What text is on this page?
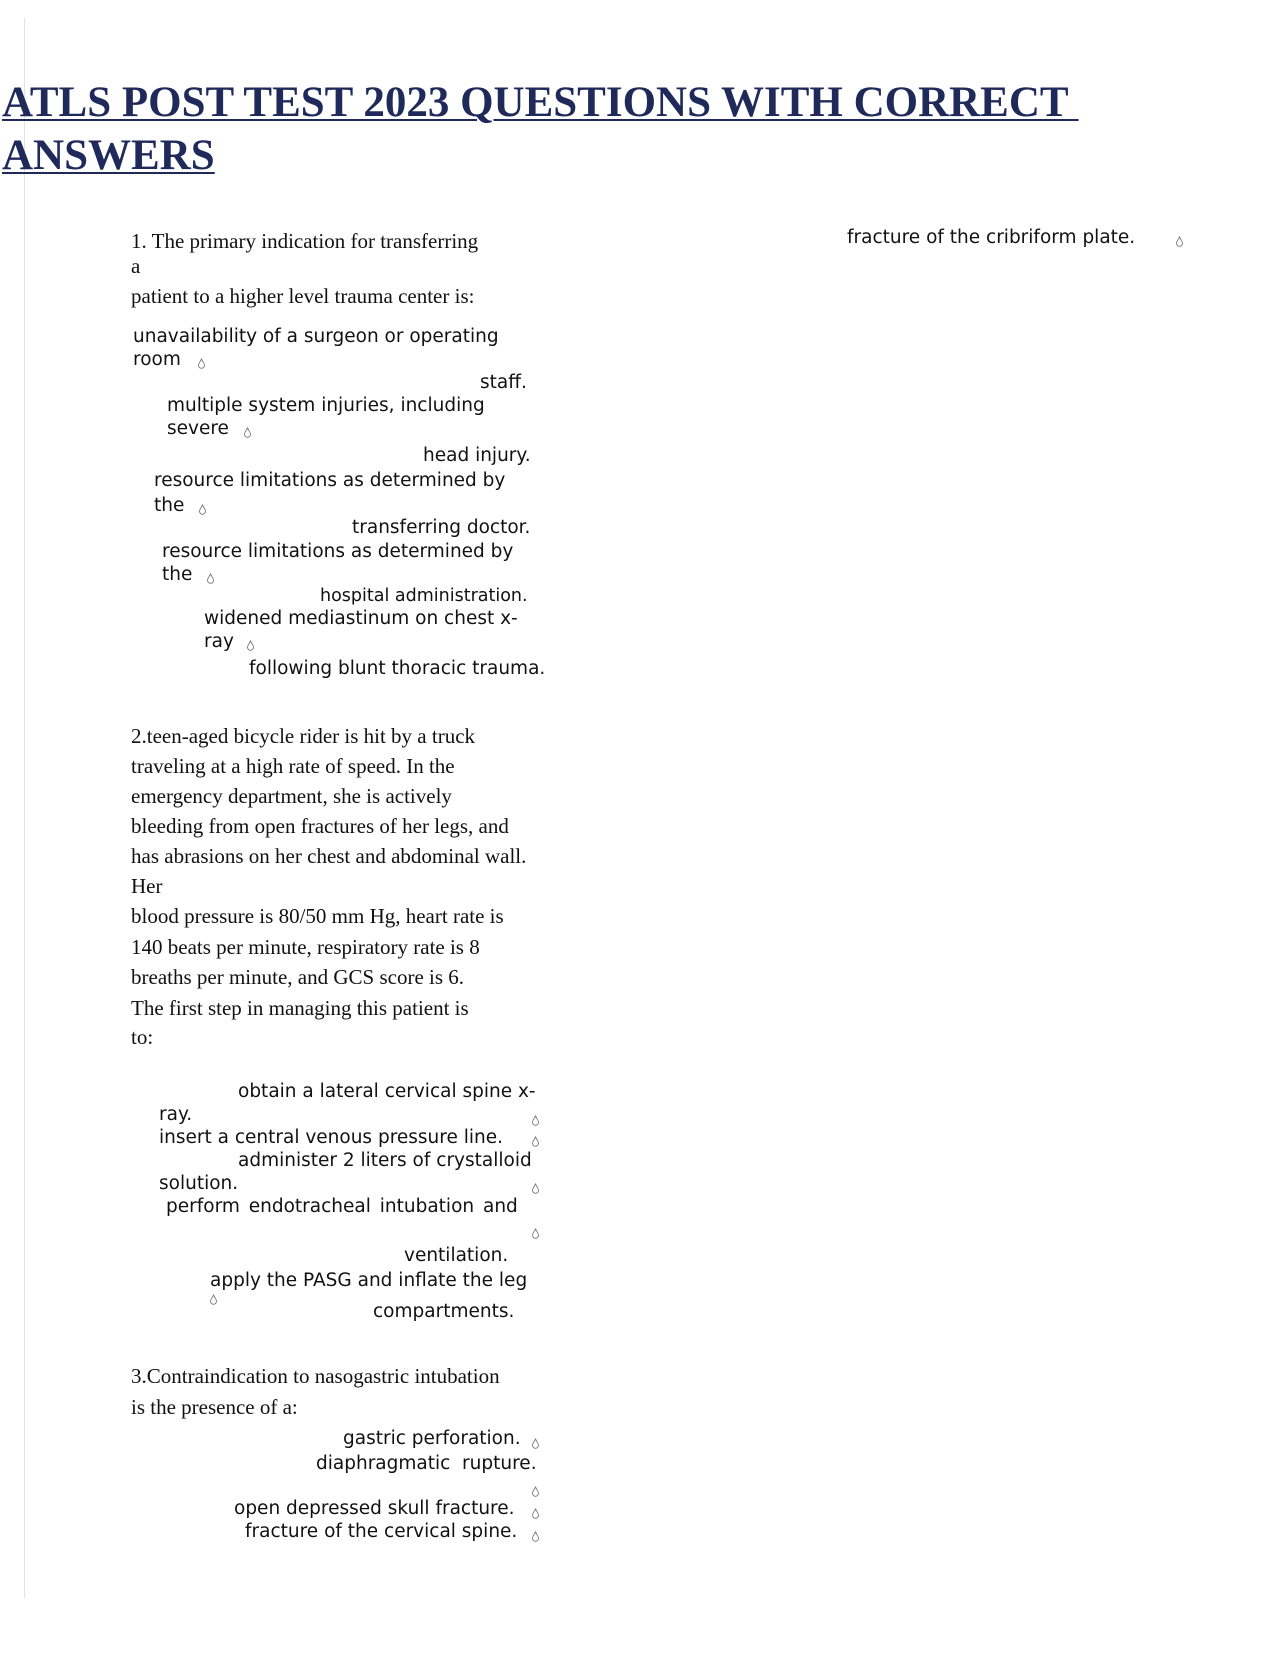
ATLS POST TEST 2023 QUESTIONS WITH CORRECT
ANSWERS
fracture of the cribriform plate.
1. The primary indication for transferring
a
patient to a higher level trauma center is:
unavailability of a surgeon or operating
room
staff.
multiple system injuries, including
severe
head injury.
resource limitations as determined by
the
transferring doctor.
resource limitations as determined by
the
hospital administration.
widened mediastinum on chest x-
ray
following blunt thoracic trauma.
2.teen-aged bicycle rider is hit by a truck
traveling at a high rate of speed. In the
emergency department, she is actively
bleeding from open fractures of her legs, and
has abrasions on her chest and abdominal wall.
Her
blood pressure is 80/50 mm Hg, heart rate is
140 beats per minute, respiratory rate is 8
breaths per minute, and GCS score is 6.
The first step in managing this patient is
to:
obtain a lateral cervical spine x-
ray.
insert a central venous pressure line.
administer 2 liters of crystalloid
solution.
perform endotracheal intubation and
ventilation.
apply the PASG and inflate the leg
compartments.
3.Contraindication to nasogastric intubation
is the presence of a:
gastric perforation.
diaphragmatic  rupture.
open depressed skull fracture.
fracture of the cervical spine.
